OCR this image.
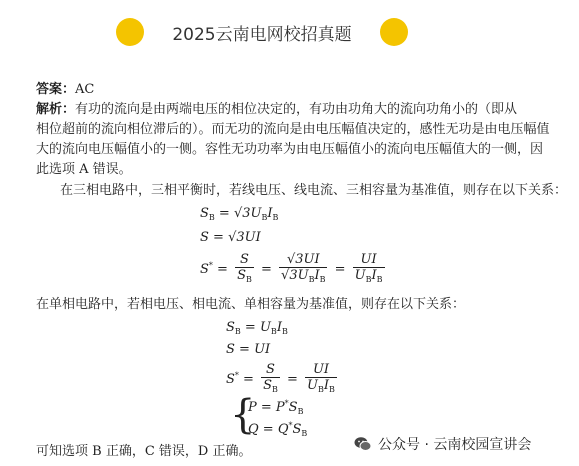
2025云南电网校招真题
答案：AC
解析：有功的流向是由两端电压的相位决定的，有功由功角大的流向功角小的（即从
相位超前的流向相位滞后的）。而无功的流向是由电压幅值决定的，感性无功是由电压幅值
大的流向电压幅值小的一侧。容性无功功率为由电压幅值小的流向电压幅值大的一侧，因
此选项 A 错误。
在三相电路中，三相平衡时，若线电压、线电流、三相容量为基准值，则存在以下关系：
$S_B = √3U_BI_B$
S = √3UI
$S^* = \frac{S}{S_B} = \frac{√3UI}{√3U_BI_B} = \frac{UI}{U_BI_B}$
在单相电路中，若相电压、相电流、单相容量为基准值，则存在以下关系：
$S_B = U_BI_B$
S = UI
$S^* = \frac{S}{S_B} = \frac{UI}{U_BI_B}$
{
$P = P^*S_B$
$Q = Q^*S_B$
可知选项 B 正确，C 错误，D 正确。	公众号 · 云南校园宣讲会
